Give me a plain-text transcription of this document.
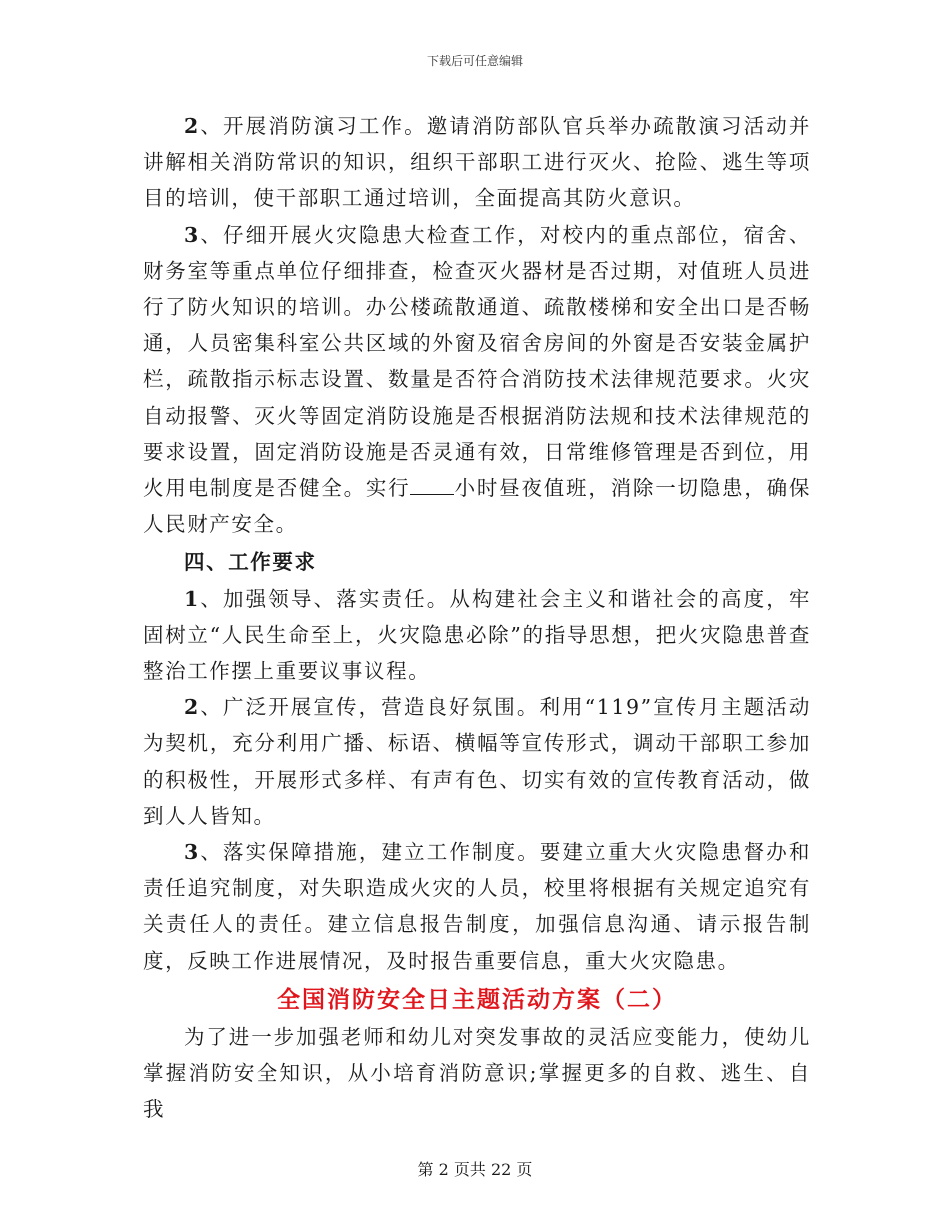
下载后可任意编辑

2、开展消防演习工作。邀请消防部队官兵举办疏散演习活动并讲解相关消防常识的知识，组织干部职工进行灭火、抢险、逃生等项目的培训，使干部职工通过培训，全面提高其防火意识。

3、仔细开展火灾隐患大检查工作，对校内的重点部位，宿舍、财务室等重点单位仔细排查，检查灭火器材是否过期，对值班人员进行了防火知识的培训。办公楼疏散通道、疏散楼梯和安全出口是否畅通，人员密集科室公共区域的外窗及宿舍房间的外窗是否安装金属护栏，疏散指示标志设置、数量是否符合消防技术法律规范要求。火灾自动报警、灭火等固定消防设施是否根据消防法规和技术法律规范的要求设置，固定消防设施是否灵通有效，日常维修管理是否到位，用火用电制度是否健全。实行 小时昼夜值班，消除一切隐患，确保人民财产安全。

四、工作要求

1、加强领导、落实责任。从构建社会主义和谐社会的高度，牢固树立“人民生命至上，火灾隐患必除”的指导思想，把火灾隐患普查整治工作摆上重要议事议程。

2、广泛开展宣传，营造良好氛围。利用“119”宣传月主题活动为契机，充分利用广播、标语、横幅等宣传形式，调动干部职工参加的积极性，开展形式多样、有声有色、切实有效的宣传教育活动，做到人人皆知。

3、落实保障措施，建立工作制度。要建立重大火灾隐患督办和责任追究制度，对失职造成火灾的人员，校里将根据有关规定追究有关责任人的责任。建立信息报告制度，加强信息沟通、请示报告制度，反映工作进展情况，及时报告重要信息，重大火灾隐患。

全国消防安全日主题活动方案（二）

为了进一步加强老师和幼儿对突发事故的灵活应变能力，使幼儿掌握消防安全知识，从小培育消防意识;掌握更多的自救、逃生、自我

第 2 页共 22 页
